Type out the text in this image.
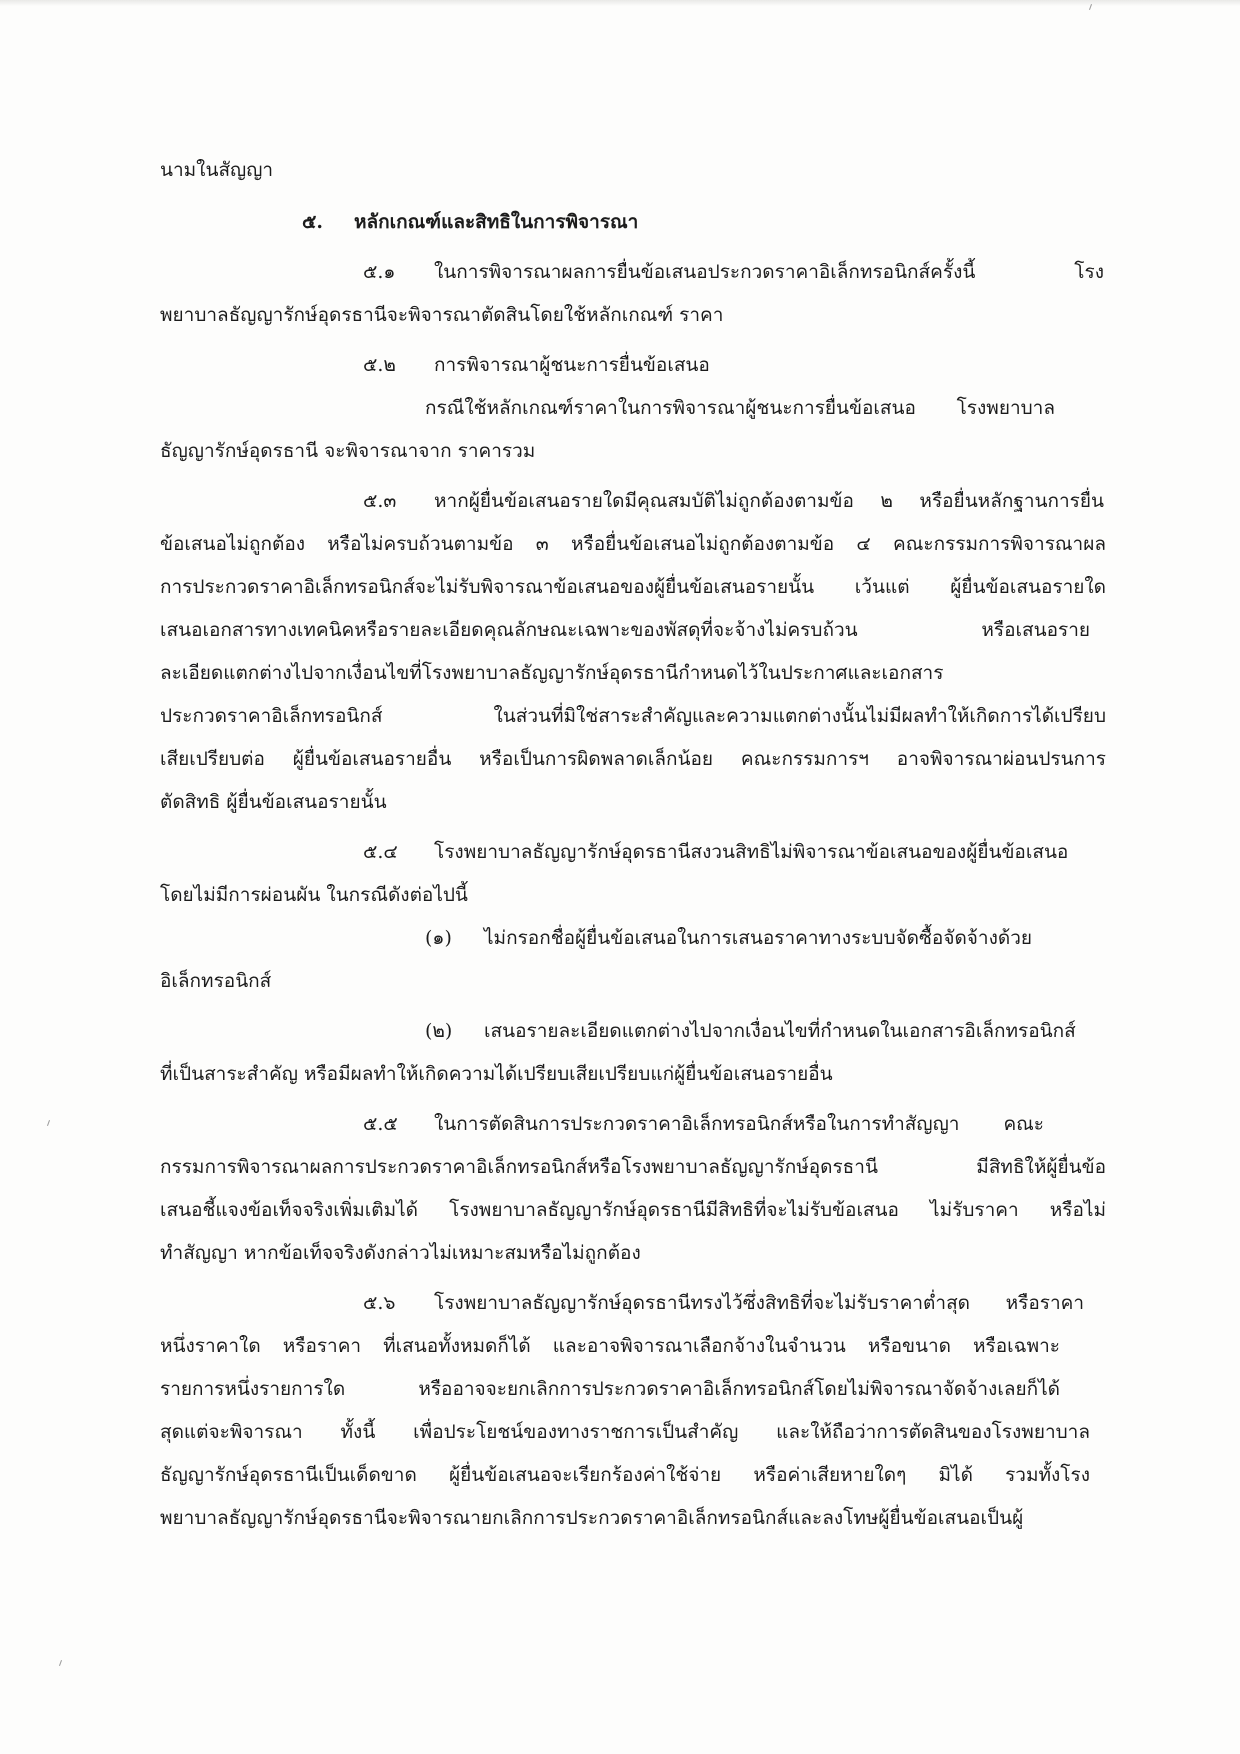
นามในสัญญา
๕. หลักเกณฑ์และสิทธิในการพิจารณา
๕.๑ ในการพิจารณาผลการยื่นข้อเสนอประกวดราคาอิเล็กทรอนิกส์ครั้งนี้ โรง
พยาบาลธัญญารักษ์อุดรธานีจะพิจารณาตัดสินโดยใช้หลักเกณฑ์ ราคา
๕.๒ การพิจารณาผู้ชนะการยื่นข้อเสนอ
กรณีใช้หลักเกณฑ์ราคาในการพิจารณาผู้ชนะการยื่นข้อเสนอ โรงพยาบาล
ธัญญารักษ์อุดรธานี จะพิจารณาจาก ราคารวม
๕.๓ หากผู้ยื่นข้อเสนอรายใดมีคุณสมบัติไม่ถูกต้องตามข้อ ๒ หรือยื่นหลักฐานการยื่น
ข้อเสนอไม่ถูกต้อง หรือไม่ครบถ้วนตามข้อ ๓ หรือยื่นข้อเสนอไม่ถูกต้องตามข้อ ๔ คณะกรรมการพิจารณาผล
การประกวดราคาอิเล็กทรอนิกส์จะไม่รับพิจารณาข้อเสนอของผู้ยื่นข้อเสนอรายนั้น เว้นแต่ ผู้ยื่นข้อเสนอรายใด
เสนอเอกสารทางเทคนิคหรือรายละเอียดคุณลักษณะเฉพาะของพัสดุที่จะจ้างไม่ครบถ้วน หรือเสนอราย
ละเอียดแตกต่างไปจากเงื่อนไขที่โรงพยาบาลธัญญารักษ์อุดรธานีกำหนดไว้ในประกาศและเอกสาร
ประกวดราคาอิเล็กทรอนิกส์ ในส่วนที่มิใช่สาระสำคัญและความแตกต่างนั้นไม่มีผลทำให้เกิดการได้เปรียบ
เสียเปรียบต่อ ผู้ยื่นข้อเสนอรายอื่น หรือเป็นการผิดพลาดเล็กน้อย คณะกรรมการฯ อาจพิจารณาผ่อนปรนการ
ตัดสิทธิ ผู้ยื่นข้อเสนอรายนั้น
๕.๔ โรงพยาบาลธัญญารักษ์อุดรธานีสงวนสิทธิไม่พิจารณาข้อเสนอของผู้ยื่นข้อเสนอ
โดยไม่มีการผ่อนผัน ในกรณีดังต่อไปนี้
(๑) ไม่กรอกชื่อผู้ยื่นข้อเสนอในการเสนอราคาทางระบบจัดซื้อจัดจ้างด้วย
อิเล็กทรอนิกส์
(๒) เสนอรายละเอียดแตกต่างไปจากเงื่อนไขที่กำหนดในเอกสารอิเล็กทรอนิกส์
ที่เป็นสาระสำคัญ หรือมีผลทำให้เกิดความได้เปรียบเสียเปรียบแก่ผู้ยื่นข้อเสนอรายอื่น
๕.๕ ในการตัดสินการประกวดราคาอิเล็กทรอนิกส์หรือในการทำสัญญา คณะ
กรรมการพิจารณาผลการประกวดราคาอิเล็กทรอนิกส์หรือโรงพยาบาลธัญญารักษ์อุดรธานี มีสิทธิให้ผู้ยื่นข้อ
เสนอชี้แจงข้อเท็จจริงเพิ่มเติมได้ โรงพยาบาลธัญญารักษ์อุดรธานีมีสิทธิที่จะไม่รับข้อเสนอ ไม่รับราคา หรือไม่
ทำสัญญา หากข้อเท็จจริงดังกล่าวไม่เหมาะสมหรือไม่ถูกต้อง
๕.๖ โรงพยาบาลธัญญารักษ์อุดรธานีทรงไว้ซึ่งสิทธิที่จะไม่รับราคาต่ำสุด หรือราคา
หนึ่งราคาใด หรือราคา ที่เสนอทั้งหมดก็ได้ และอาจพิจารณาเลือกจ้างในจำนวน หรือขนาด หรือเฉพาะ
รายการหนึ่งรายการใด หรืออาจจะยกเลิกการประกวดราคาอิเล็กทรอนิกส์โดยไม่พิจารณาจัดจ้างเลยก็ได้
สุดแต่จะพิจารณา ทั้งนี้ เพื่อประโยชน์ของทางราชการเป็นสำคัญ และให้ถือว่าการตัดสินของโรงพยาบาล
ธัญญารักษ์อุดรธานีเป็นเด็ดขาด ผู้ยื่นข้อเสนอจะเรียกร้องค่าใช้จ่าย หรือค่าเสียหายใดๆ มิได้ รวมทั้งโรง
พยาบาลธัญญารักษ์อุดรธานีจะพิจารณายกเลิกการประกวดราคาอิเล็กทรอนิกส์และลงโทษผู้ยื่นข้อเสนอเป็นผู้
